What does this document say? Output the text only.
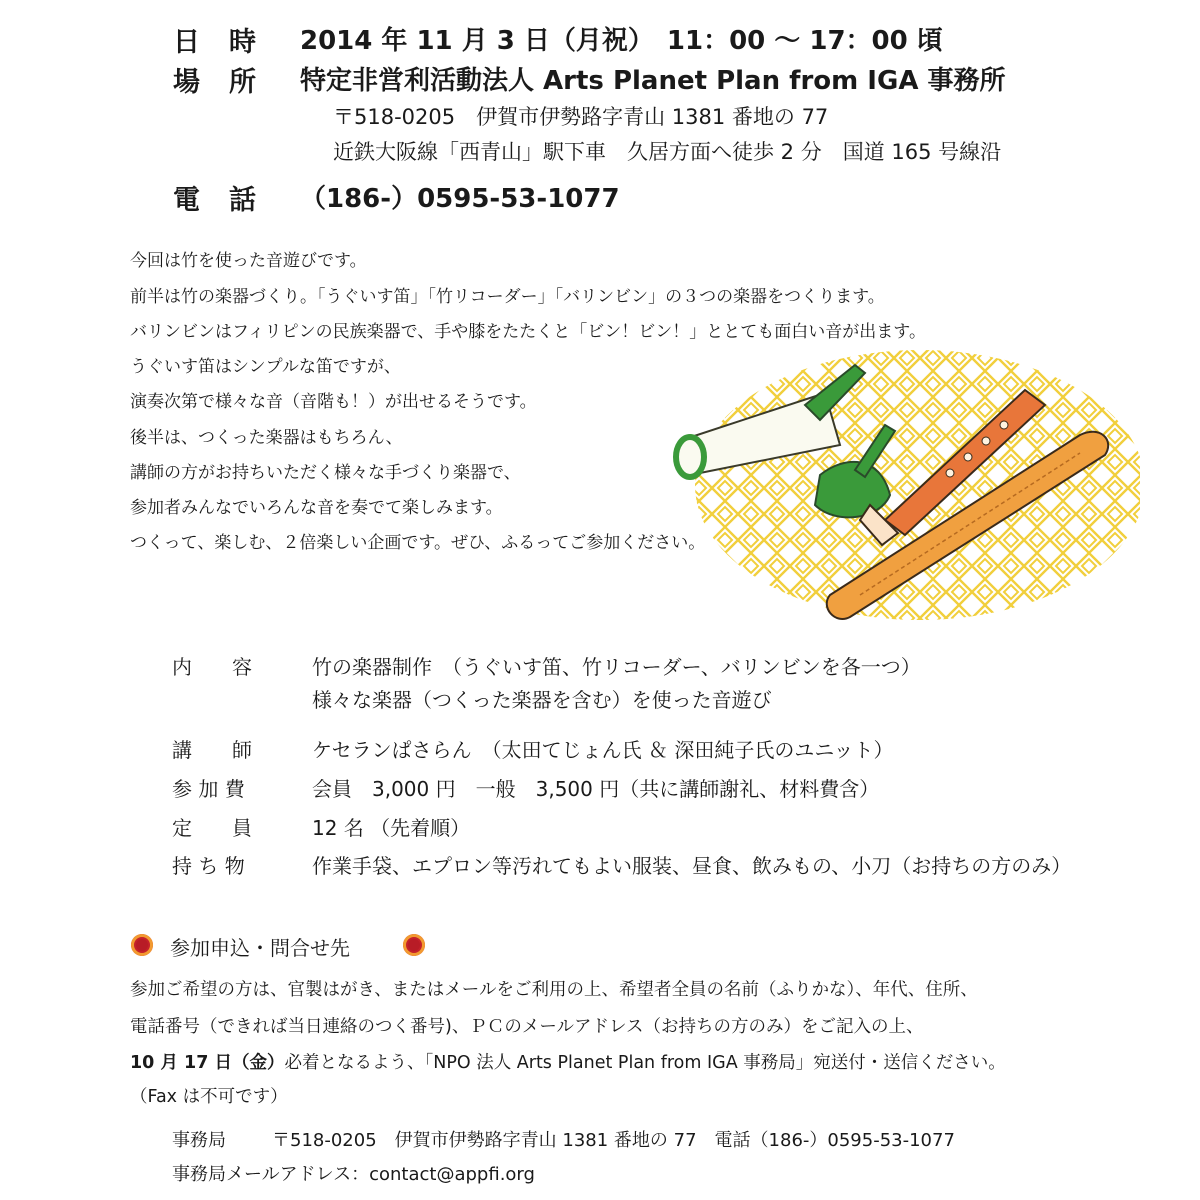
日　時 2014 年 11 月 3 日（月祝）　11：00 ～ 17：00 頃
場　所 特定非営利活動法人 Arts Planet Plan from IGA 事務所
〒518-0205　伊賀市伊勢路字青山 1381 番地の 77
近鉄大阪線「西青山」駅下車　久居方面へ徒歩 2 分　国道 165 号線沿
電　話 （186-）0595-53-1077
今回は竹を使った音遊びです。
前半は竹の楽器づくり。「うぐいす笛」「竹リコーダー」「バリンビン」の３つの楽器をつくります。
バリンビンはフィリピンの民族楽器で、手や膝をたたくと「ビン！ビン！」ととても面白い音が出ます。
うぐいす笛はシンプルな笛ですが、
演奏次第で様々な音（音階も！）が出せるそうです。
後半は、つくった楽器はもちろん、
講師の方がお持ちいただく様々な手づくり楽器で、
参加者みんなでいろんな音を奏でて楽しみます。
つくって、楽しむ、２倍楽しい企画です。ぜひ、ふるってご参加ください。
内　　容	竹の楽器制作　（うぐいす笛、竹リコーダー、バリンビンを各一つ）
様々な楽器（つくった楽器を含む）を使った音遊び
講　　師	ケセランぱさらん　（太田てじょん氏 ＆ 深田純子氏のユニット）
参 加 費	会員　3,000 円　一般　3,500 円（共に講師謝礼、材料費含）
定　　員	12 名 （先着順）
持 ち 物	作業手袋、エプロン等汚れてもよい服装、昼食、飲みもの、小刀（お持ちの方のみ）
参加申込・問合せ先
参加ご希望の方は、官製はがき、またはメールをご利用の上、希望者全員の名前（ふりかな）、年代、住所、
電話番号（できれば当日連絡のつく番号)、ＰＣのメールアドレス（お持ちの方のみ）をご記入の上、
10 月 17 日（金）必着となるよう、「NPO 法人 Arts Planet Plan from IGA 事務局」宛送付・送信ください。
（Fax は不可です）
事務局	〒518-0205　伊賀市伊勢路字青山 1381 番地の 77　電話（186-）0595-53-1077
事務局メールアドレス：contact@appfi.org
